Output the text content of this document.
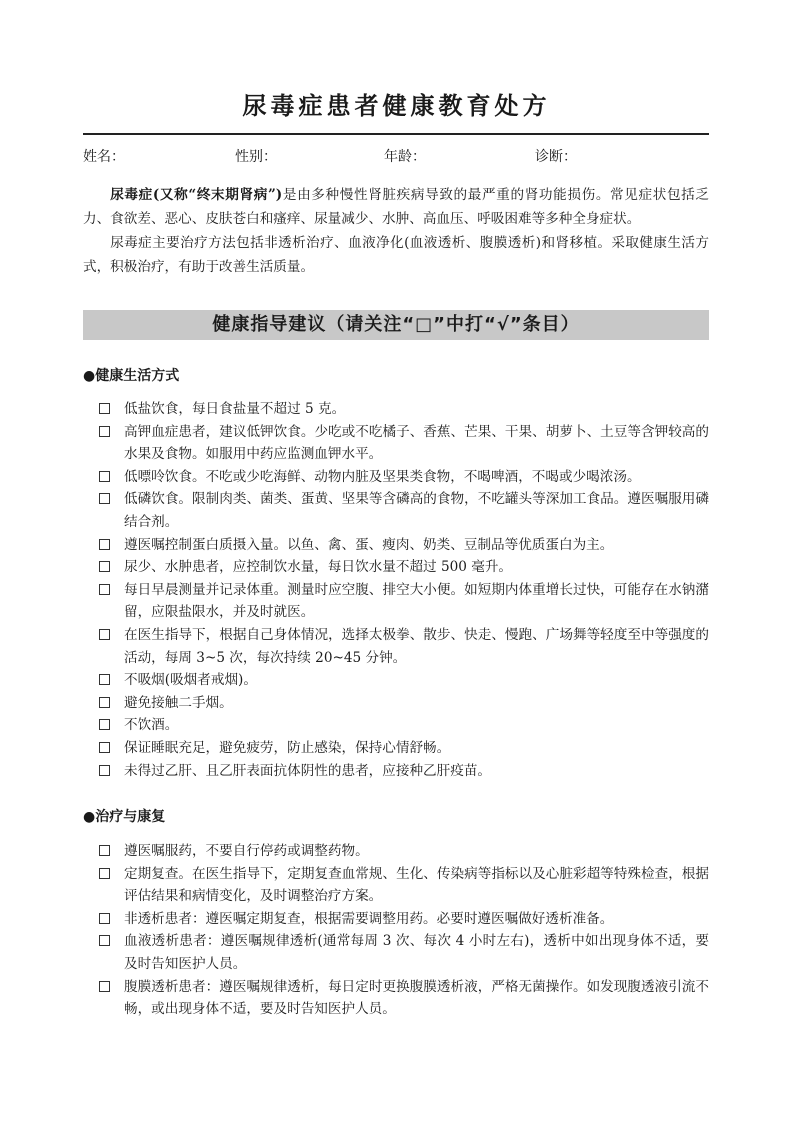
尿毒症患者健康教育处方
姓名：	性别：	年龄：	诊断：

尿毒症(又称“终末期肾病”)是由多种慢性肾脏疾病导致的最严重的肾功能损伤。常见症状包括乏力、食欲差、恶心、皮肤苍白和瘙痒、尿量减少、水肿、高血压、呼吸困难等多种全身症状。

尿毒症主要治疗方法包括非透析治疗、血液净化(血液透析、腹膜透析)和肾移植。采取健康生活方式，积极治疗，有助于改善生活质量。

健康指导建议（请关注“□”中打“√”条目）
●健康生活方式
低盐饮食，每日食盐量不超过 5 克。
高钾血症患者，建议低钾饮食。少吃或不吃橘子、香蕉、芒果、干果、胡萝卜、土豆等含钾较高的水果及食物。如服用中药应监测血钾水平。
低嘌呤饮食。不吃或少吃海鲜、动物内脏及坚果类食物，不喝啤酒，不喝或少喝浓汤。
低磷饮食。限制肉类、菌类、蛋黄、坚果等含磷高的食物，不吃罐头等深加工食品。遵医嘱服用磷结合剂。
遵医嘱控制蛋白质摄入量。以鱼、禽、蛋、瘦肉、奶类、豆制品等优质蛋白为主。
尿少、水肿患者，应控制饮水量，每日饮水量不超过 500 毫升。
每日早晨测量并记录体重。测量时应空腹、排空大小便。如短期内体重增长过快，可能存在水钠潴留，应限盐限水，并及时就医。
在医生指导下，根据自己身体情况，选择太极拳、散步、快走、慢跑、广场舞等轻度至中等强度的活动，每周 3~5 次，每次持续 20~45 分钟。
不吸烟(吸烟者戒烟)。
避免接触二手烟。
不饮酒。
保证睡眠充足，避免疲劳，防止感染，保持心情舒畅。
未得过乙肝、且乙肝表面抗体阴性的患者，应接种乙肝疫苗。
●治疗与康复
遵医嘱服药，不要自行停药或调整药物。
定期复查。在医生指导下，定期复查血常规、生化、传染病等指标以及心脏彩超等特殊检查，根据评估结果和病情变化，及时调整治疗方案。
非透析患者：遵医嘱定期复查，根据需要调整用药。必要时遵医嘱做好透析准备。
血液透析患者：遵医嘱规律透析(通常每周 3 次、每次 4 小时左右)，透析中如出现身体不适，要及时告知医护人员。
腹膜透析患者：遵医嘱规律透析，每日定时更换腹膜透析液，严格无菌操作。如发现腹透液引流不畅，或出现身体不适，要及时告知医护人员。
